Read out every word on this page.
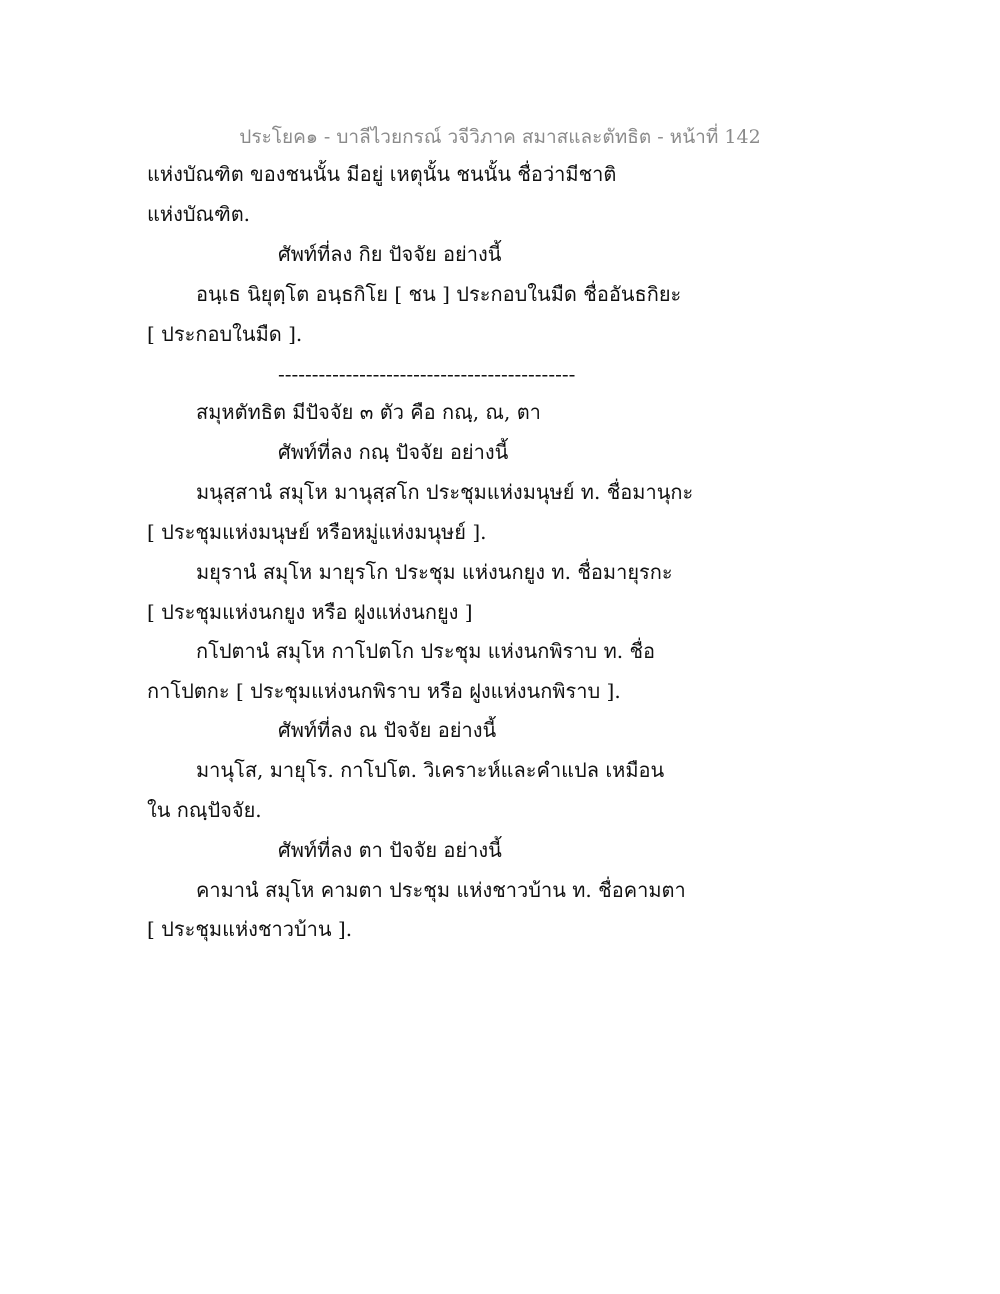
ประโยค๑ - บาลีไวยกรณ์ วจีวิภาค สมาสและตัทธิต - หน้าที่ 142
แห่งบัณฑิต ของชนนั้น มีอยู่ เหตุนั้น ชนนั้น ชื่อว่ามีชาติ
แห่งบัณฑิต.
ศัพท์ที่ลง กิย ปัจจัย อย่างนี้
อนฺเธ นิยุตฺโต อนฺธกิโย [ ชน ] ประกอบในมืด ชื่ออันธกิยะ
[ ประกอบในมืด ].
--------------------------------------------
สมุหตัทธิต มีปัจจัย ๓ ตัว คือ กณฺ, ณ, ตา
ศัพท์ที่ลง กณฺ ปัจจัย อย่างนี้
มนุสฺสานํ สมุโห มานุสฺสโก ประชุมแห่งมนุษย์ ท. ชื่อมานุกะ
[ ประชุมแห่งมนุษย์ หรือหมู่แห่งมนุษย์ ].
มยุรานํ สมุโห มายุรโก ประชุม แห่งนกยูง ท. ชื่อมายุรกะ
[ ประชุมแห่งนกยูง หรือ ฝูงแห่งนกยูง ]
กโปตานํ สมุโห กาโปตโก ประชุม แห่งนกพิราบ ท. ชื่อ
กาโปตกะ [ ประชุมแห่งนกพิราบ หรือ ฝูงแห่งนกพิราบ ].
ศัพท์ที่ลง ณ ปัจจัย อย่างนี้
มานุโส, มายุโร. กาโปโต. วิเคราะห์และคำแปล เหมือน
ใน กณฺปัจจัย.
ศัพท์ที่ลง ตา ปัจจัย อย่างนี้
คามานํ สมุโห คามตา ประชุม แห่งชาวบ้าน ท. ชื่อคามตา
[ ประชุมแห่งชาวบ้าน ].
